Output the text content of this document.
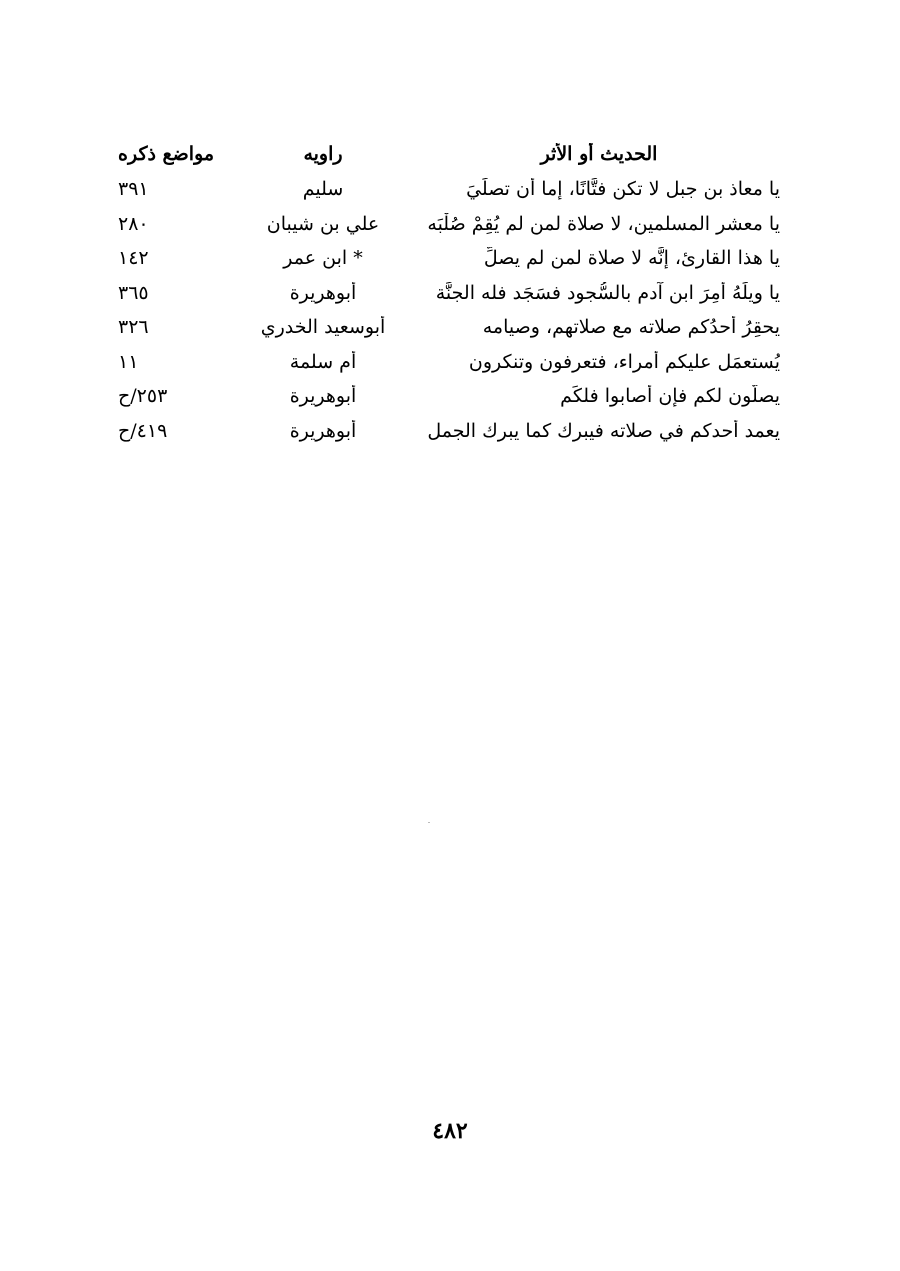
الحديث أو الأثر
راويه
مواضع ذكره
يا معاذ بن جبل لا تكن فتَّانًا، إما أن تصلِّيَ
سليم
٣٩١
يا معشر المسلمين، لا صلاة لمن لم يُقِمْ صُلْبَه
علي بن شيبان
٢٨٠
يا هذا القارئ، إنَّه لا صلاة لمن لم يصلِّ
* ابن عمر
١٤٢
يا ويلَهُ أُمِرَ ابن آدم بالسُّجود فسَجَد فله الجنَّة
أبوهريرة
٣٦٥
يحقِرُ أحدُكم صلاته مع صلاتهم، وصيامه
أبوسعيد الخدري
٣٢٦
يُستعمَل عليكم أمراء، فتعرفون وتنكرون
أم سلمة
١١
يصلُّون لكم فإن أصابوا فلكَم
أبوهريرة
٢٥٣/ح
يعمد أحدكم في صلاته فيبرك كما يبرك الجمل
أبوهريرة
٤١٩/ح
٤٨٢
